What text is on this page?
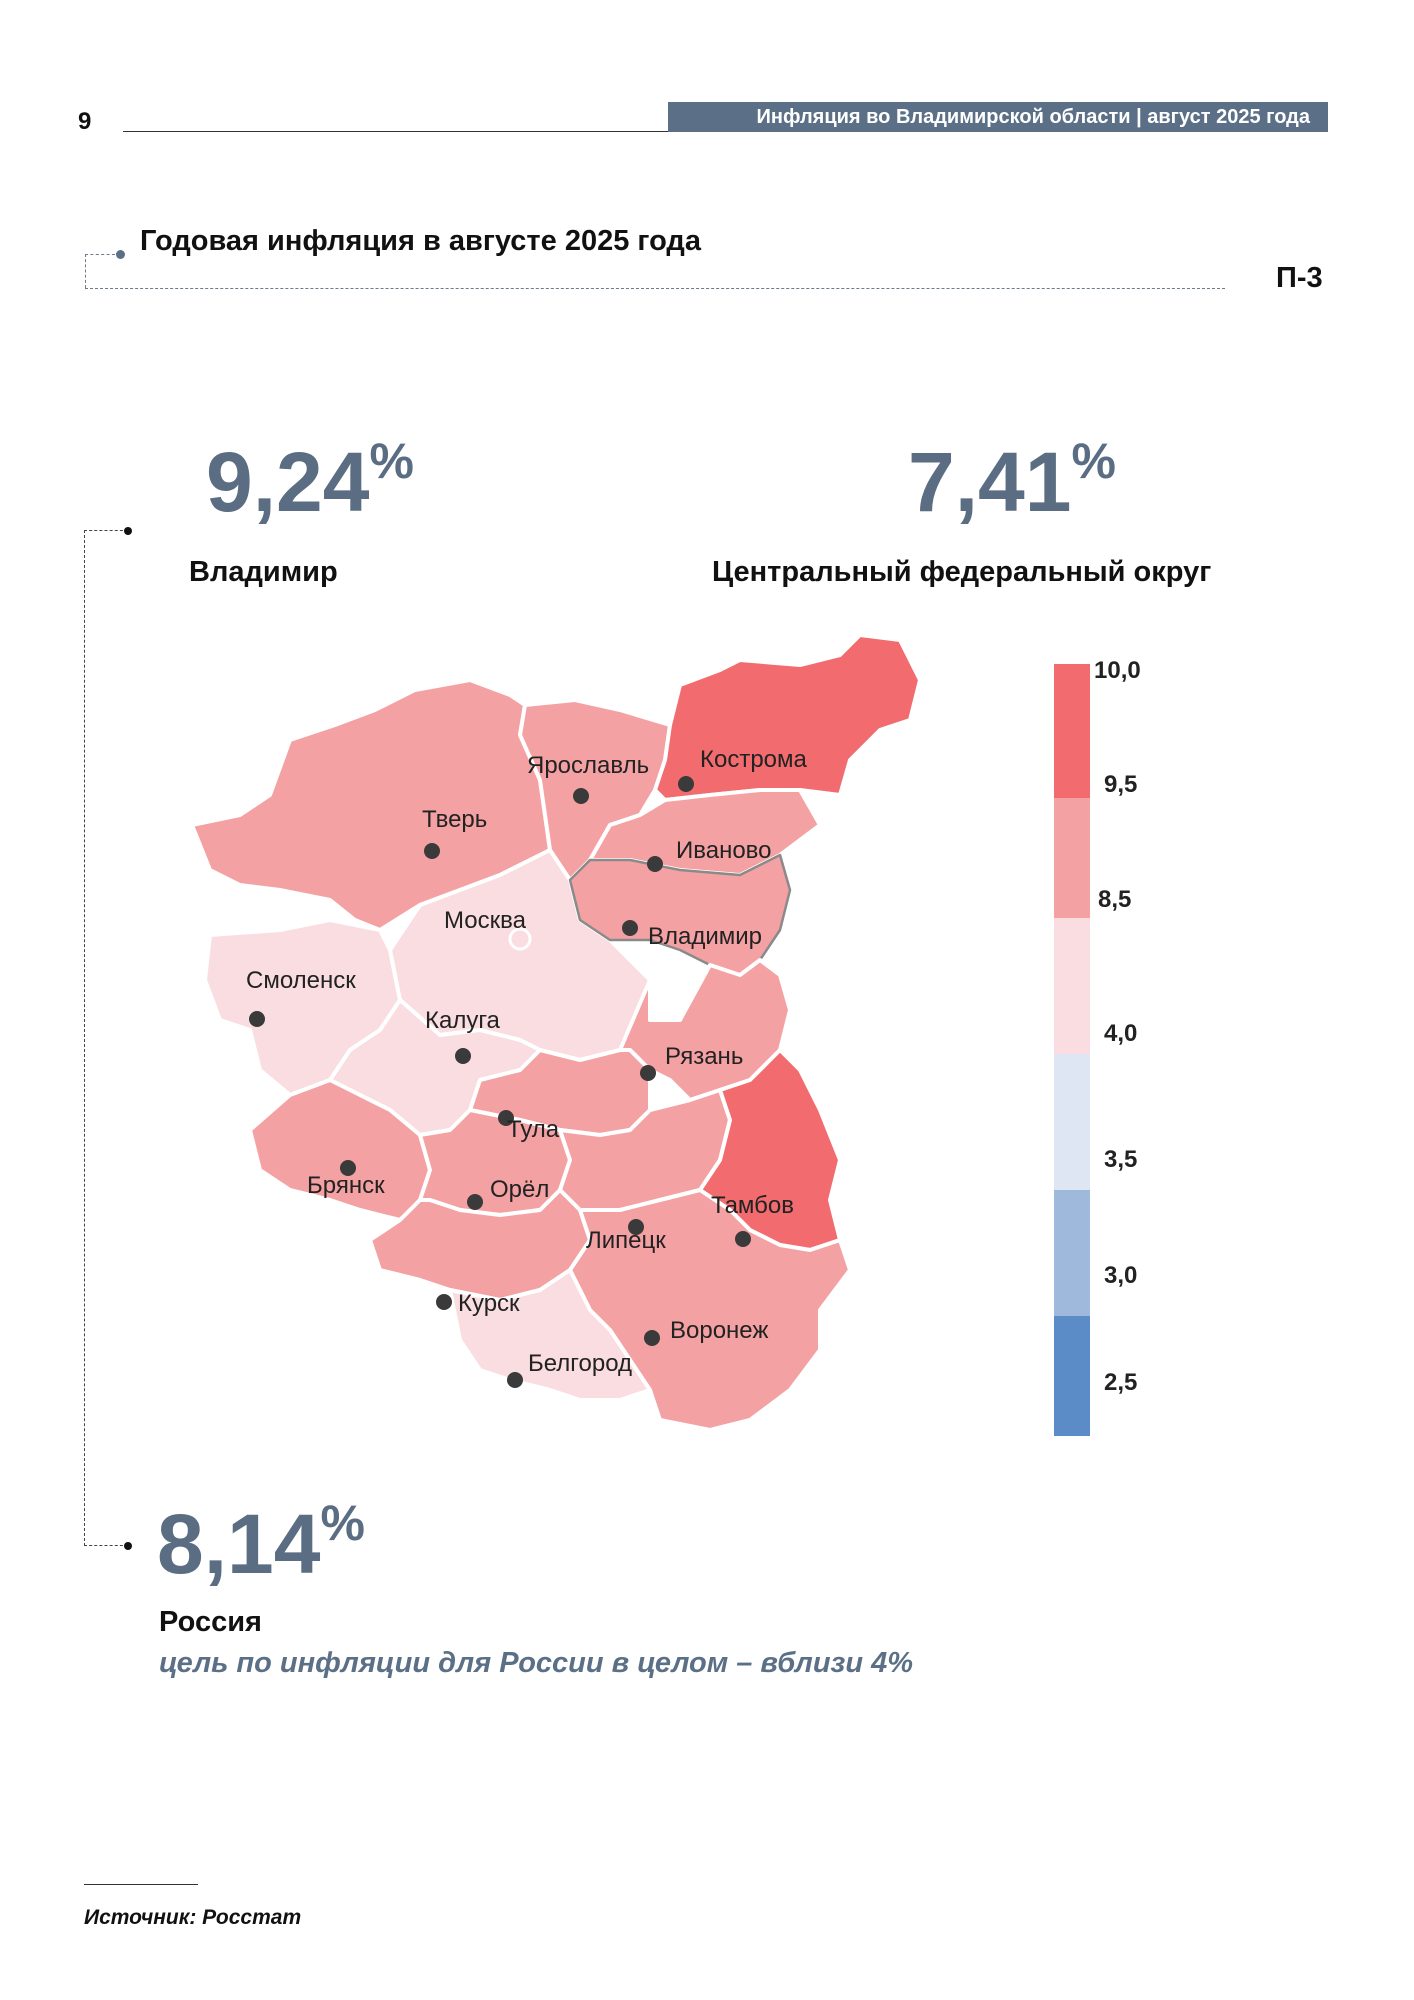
9	Инфляция во Владимирской области | август 2025 года
Годовая инфляция в августе 2025 года
П-3
9,24%
Владимир
7,41%
Центральный федеральный округ
8,14%
Россия
цель по инфляции для России в целом – вблизи 4%
Ярославль Кострома
Тверь
Иваново
Москва
Владимир
Смоленск
Калуга
Рязань
Тула
Брянск	Орёл
Тамбов
Липецк
Курск
Воронеж
Белгород
10,0
9,5
8,5
4,0
3,5
3,0
2,5
Источник: Росстат
